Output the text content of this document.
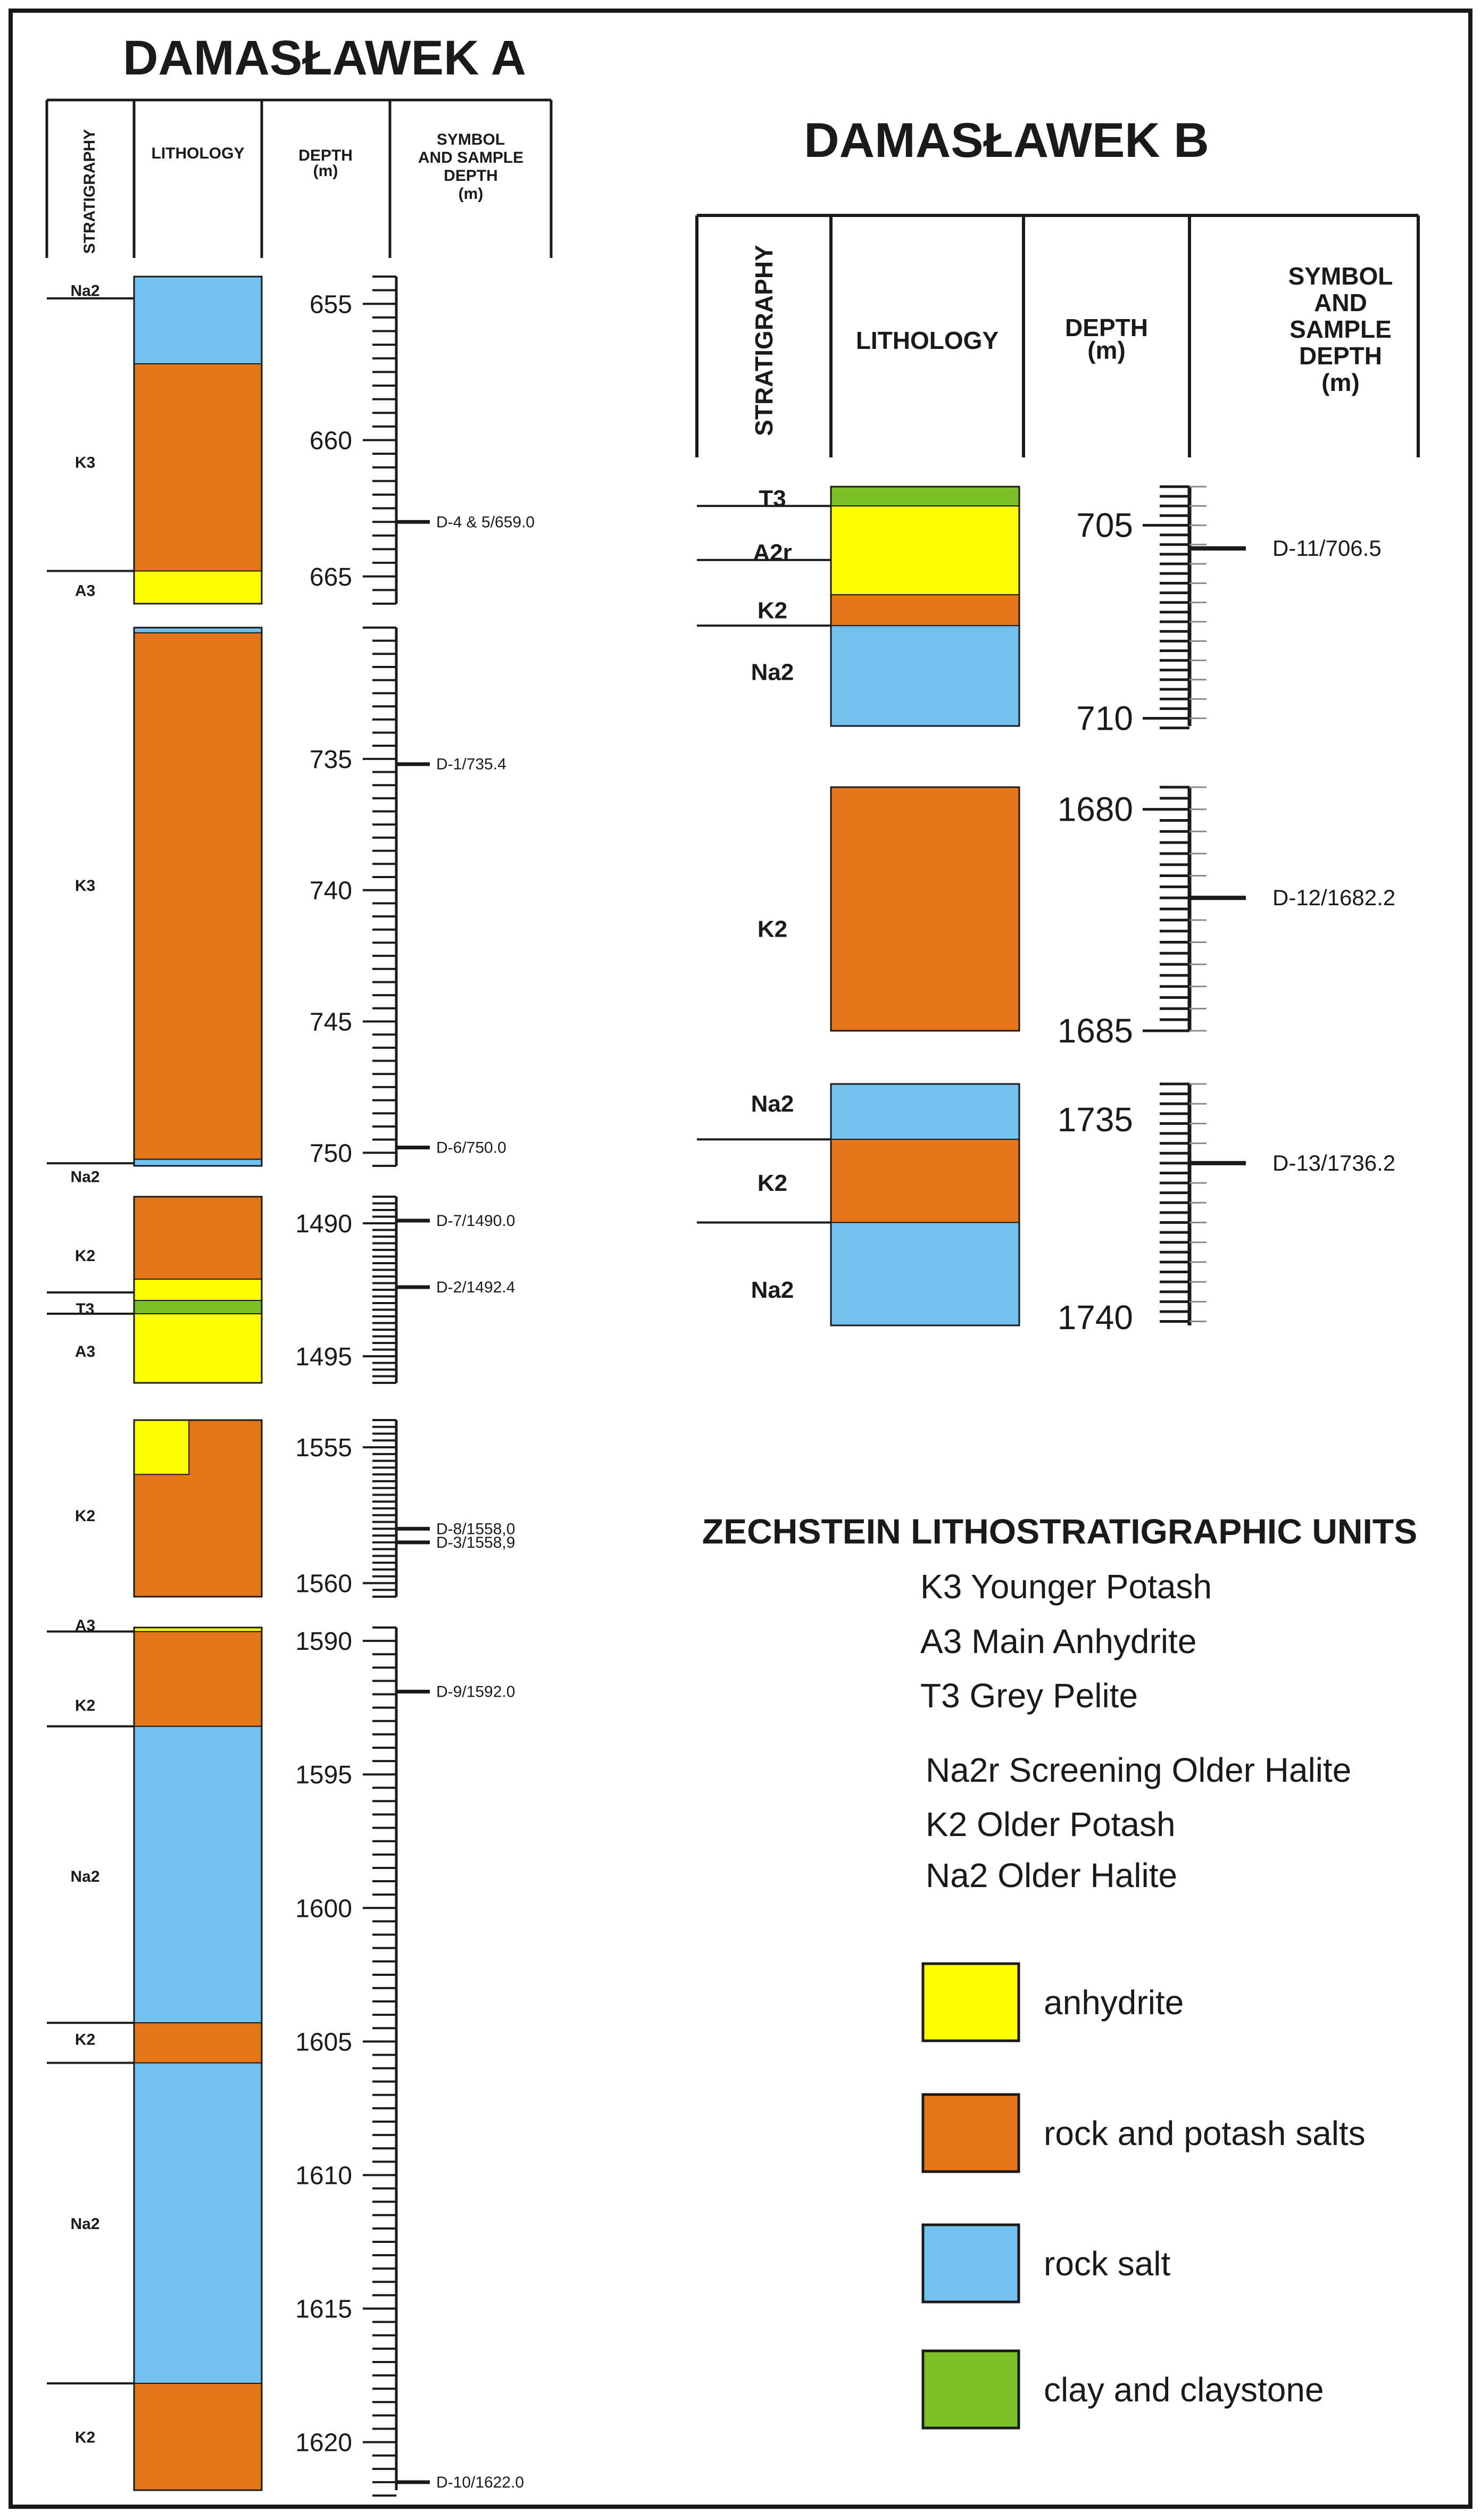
DAMASŁAWEK A
DAMASŁAWEK B
STRATIGRAPHY	LITHOLOGY	DEPTH
(m)
SYMBOL
AND SAMPLE
DEPTH
(m)
STRATIGRAPHY	LITHOLOGY	DEPTH
(m)
SYMBOL
AND
SAMPLE
DEPTH
(m)
Na2
K3
A3
655
660
665
D-4 & 5/659.0
K3
Na2
735
740
745
750
D-1/735.4
D-6/750.0
K2
T3
A3
1490
1495
D-7/1490.0
D-2/1492.4
K2
1555
1560
D-8/1558,0
D-3/1558,9
A3
K2
Na2
K2
Na2
K2
1590
1595
1600
1605
1610
1615
1620
D-9/1592.0
D-10/1622.0
T3
A2r
K2
Na2
705
710
D-11/706.5
K2
1680
1685
D-12/1682.2
Na2
K2
Na2
1735
1740
D-13/1736.2
ZECHSTEIN LITHOSTRATIGRAPHIC UNITS
K3 Younger Potash
A3 Main Anhydrite
T3 Grey Pelite
Na2r Screening Older Halite
K2 Older Potash
Na2 Older Halite
anhydrite
rock and potash salts
rock salt
clay and claystone
